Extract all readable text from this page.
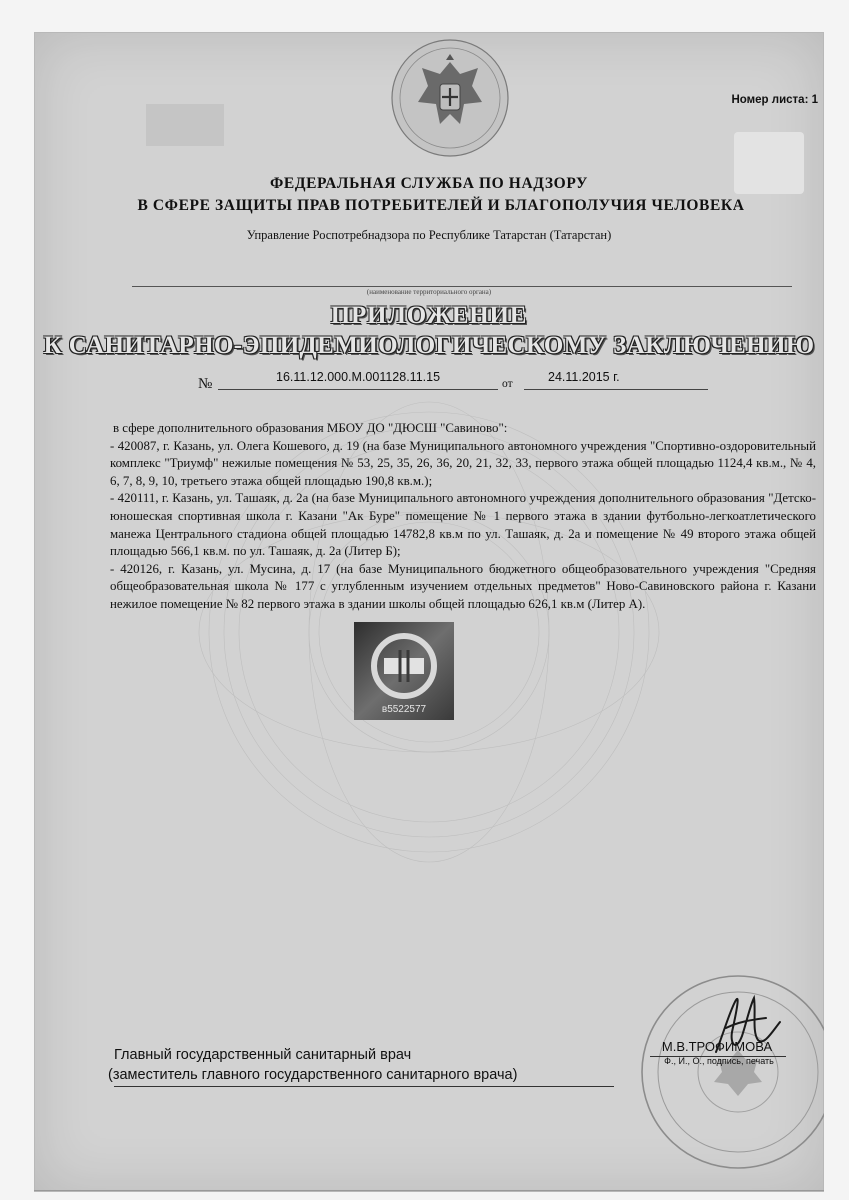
Номер листа: 1
ФЕДЕРАЛЬНАЯ СЛУЖБА ПО НАДЗОРУ
В СФЕРЕ ЗАЩИТЫ ПРАВ ПОТРЕБИТЕЛЕЙ И БЛАГОПОЛУЧИЯ ЧЕЛОВЕКА
Управление Роспотребнадзора по Республике Татарстан (Татарстан)
(наименование территориального органа)
ПРИЛОЖЕНИЕ
К САНИТАРНО-ЭПИДЕМИОЛОГИЧЕСКОМУ ЗАКЛЮЧЕНИЮ
№	16.11.12.000.М.001128.11.15	от	24.11.2015 г.

в сфере дополнительного образования МБОУ ДО "ДЮСШ "Савиново":

- 420087, г. Казань, ул. Олега Кошевого, д. 19 (на базе Муниципального автономного учреждения "Спортивно-оздоровительный комплекс "Триумф" нежилые помещения № 53, 25, 35, 26, 36, 20, 21, 32, 33, первого этажа общей площадью 1124,4 кв.м., № 4, 6, 7, 8, 9, 10, третьего этажа общей площадью 190,8 кв.м.);

- 420111, г. Казань, ул. Ташаяк, д. 2а (на базе Муниципального автономного учреждения дополнительного образования "Детско-юношеская спортивная школа г. Казани "Ак Буре" помещение № 1 первого этажа в здании футбольно-легкоатлетического манежа Центрального стадиона общей площадью 14782,8 кв.м по ул. Ташаяк, д. 2а и помещение № 49 второго этажа общей площадью 566,1 кв.м. по ул. Ташаяк, д. 2а (Литер Б);

- 420126, г. Казань, ул. Мусина, д. 17 (на базе Муниципального бюджетного общеобразовательного учреждения "Средняя общеобразовательная школа № 177 с углубленным изучением отдельных предметов" Ново-Савиновского района г. Казани нежилое помещение № 82 первого этажа в здании школы общей площадью 626,1 кв.м (Литер А).

в5522577
Главный государственный санитарный врач
(заместитель главного государственного санитарного врача)
М.В.ТРОФИМОВА
Ф., И., О., подпись, печать
